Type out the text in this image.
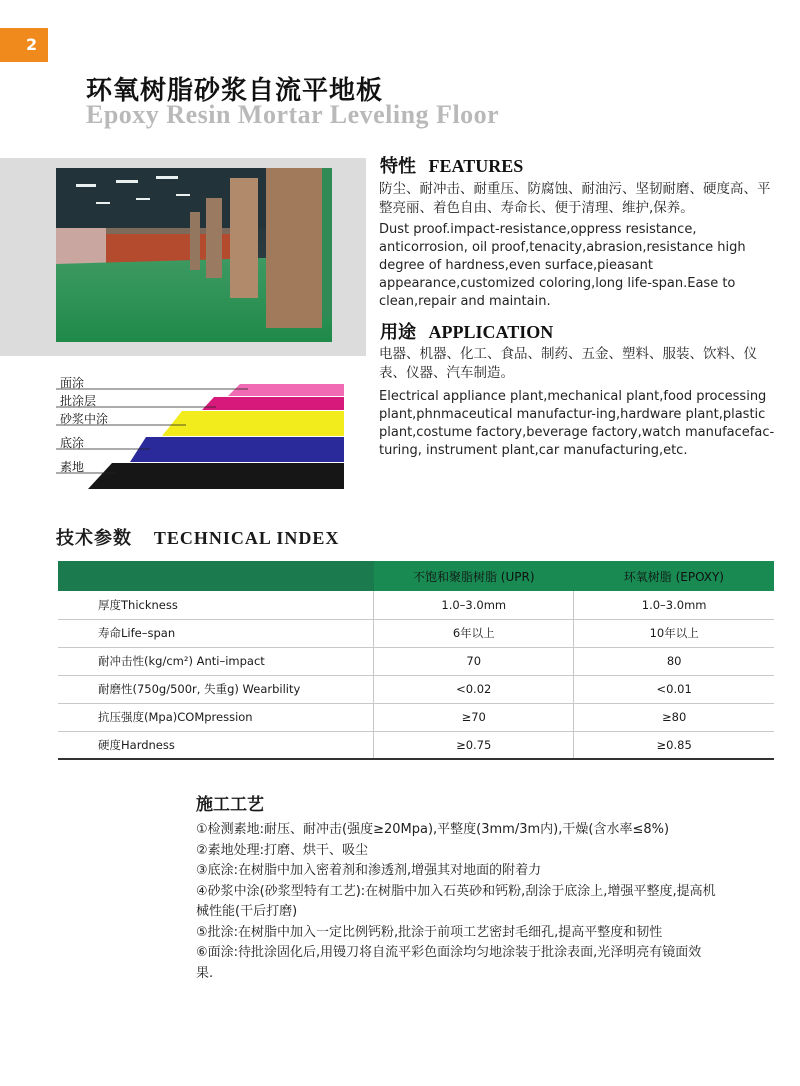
2
环氧树脂砂浆自流平地板
Epoxy Resin Mortar Leveling Floor
特性 FEATURES
防尘、耐冲击、耐重压、防腐蚀、耐油污、坚韧耐磨、硬度高、平整亮丽、着色自由、寿命长、便于清理、维护,保养。
Dust proof.impact-resistance,oppress resistance, anticorrosion, oil proof,tenacity,abrasion,resistance high degree of hardness,even surface,pieasant appearance,customized coloring,long life-span.Ease to clean,repair and maintain.
用途 APPLICATION
电器、机器、化工、食品、制药、五金、塑料、服装、饮料、仪表、仪器、汽车制造。
Electrical appliance plant,mechanical plant,food processing plant,phnmaceutical manufactur-ing,hardware plant,plastic plant,costume factory,beverage factory,watch manufacefac-turing, instrument plant,car manufacturing,etc.
面涂
批涂层
砂浆中涂
底涂
素地
技术参数 TECHNICAL INDEX
	不饱和聚脂树脂 (UPR)	环氧树脂 (EPOXY)
厚度Thickness	1.0–3.0mm	1.0–3.0mm
寿命Life–span	6年以上	10年以上
耐冲击性(kg/cm²) Anti–impact	70	80
耐磨性(750g/500r, 失重g) Wearbility	<0.02	<0.01
抗压强度(Mpa)COMpression	≥70	≥80
硬度Hardness	≥0.75	≥0.85
施工工艺
①检测素地:耐压、耐冲击(强度≥20Mpa),平整度(3mm/3m内),干燥(含水率≤8%)
②素地处理:打磨、烘干、吸尘
③底涂:在树脂中加入密着剂和渗透剂,增强其对地面的附着力
④砂浆中涂(砂浆型特有工艺):在树脂中加入石英砂和钙粉,刮涂于底涂上,增强平整度,提高机械性能(干后打磨)
⑤批涂:在树脂中加入一定比例钙粉,批涂于前项工艺密封毛细孔,提高平整度和韧性
⑥面涂:待批涂固化后,用镘刀将自流平彩色面涂均匀地涂装于批涂表面,光泽明亮有镜面效果.
